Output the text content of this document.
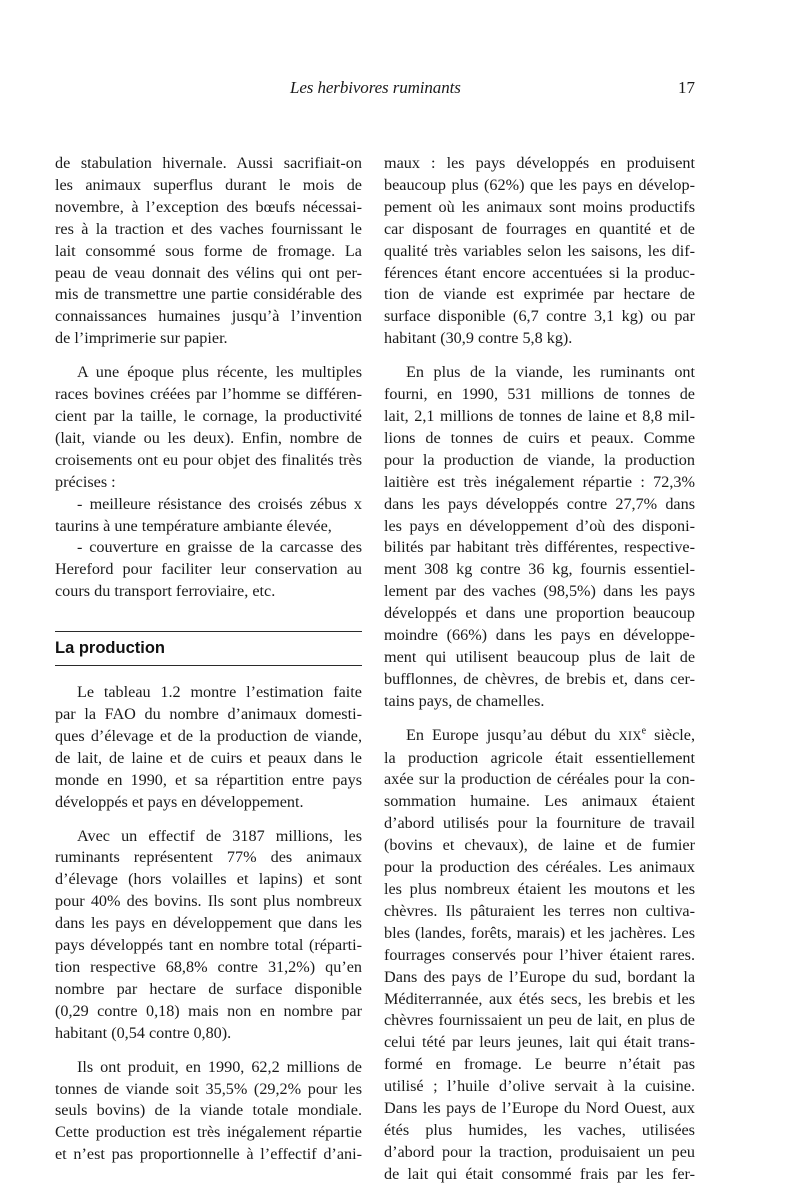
Les herbivores ruminants	17

de stabulation hivernale. Aussi sacrifiait-on
les animaux superflus durant le mois de
novembre, à l’exception des bœufs nécessai-
res à la traction et des vaches fournissant le
lait consommé sous forme de fromage. La
peau de veau donnait des vélins qui ont per-
mis de transmettre une partie considérable des
connaissances humaines jusqu’à l’invention
de l’imprimerie sur papier.

A une époque plus récente, les multiples
races bovines créées par l’homme se différen-
cient par la taille, le cornage, la productivité
(lait, viande ou les deux). Enfin, nombre de
croisements ont eu pour objet des finalités très
précises :
- meilleure résistance des croisés zébus x
taurins à une température ambiante élevée,
- couverture en graisse de la carcasse des
Hereford pour faciliter leur conservation au
cours du transport ferroviaire, etc.

La production

Le tableau 1.2 montre l’estimation faite
par la FAO du nombre d’animaux domesti-
ques d’élevage et de la production de viande,
de lait, de laine et de cuirs et peaux dans le
monde en 1990, et sa répartition entre pays
développés et pays en développement.

Avec un effectif de 3187 millions, les
ruminants représentent 77% des animaux
d’élevage (hors volailles et lapins) et sont
pour 40% des bovins. Ils sont plus nombreux
dans les pays en développement que dans les
pays développés tant en nombre total (réparti-
tion respective 68,8% contre 31,2%) qu’en
nombre par hectare de surface disponible
(0,29 contre 0,18) mais non en nombre par
habitant (0,54 contre 0,80).

Ils ont produit, en 1990, 62,2 millions de
tonnes de viande soit 35,5% (29,2% pour les
seuls bovins) de la viande totale mondiale.
Cette production est très inégalement répartie
et n’est pas proportionnelle à l’effectif d’ani-

maux : les pays développés en produisent
beaucoup plus (62%) que les pays en dévelop-
pement où les animaux sont moins productifs
car disposant de fourrages en quantité et de
qualité très variables selon les saisons, les dif-
férences étant encore accentuées si la produc-
tion de viande est exprimée par hectare de
surface disponible (6,7 contre 3,1 kg) ou par
habitant (30,9 contre 5,8 kg).

En plus de la viande, les ruminants ont
fourni, en 1990, 531 millions de tonnes de
lait, 2,1 millions de tonnes de laine et 8,8 mil-
lions de tonnes de cuirs et peaux. Comme
pour la production de viande, la production
laitière est très inégalement répartie : 72,3%
dans les pays développés contre 27,7% dans
les pays en développement d’où des disponi-
bilités par habitant très différentes, respective-
ment 308 kg contre 36 kg, fournis essentiel-
lement par des vaches (98,5%) dans les pays
développés et dans une proportion beaucoup
moindre (66%) dans les pays en développe-
ment qui utilisent beaucoup plus de lait de
bufflonnes, de chèvres, de brebis et, dans cer-
tains pays, de chamelles.

En Europe jusqu’au début du XIXe siècle,
la production agricole était essentiellement
axée sur la production de céréales pour la con-
sommation humaine. Les animaux étaient
d’abord utilisés pour la fourniture de travail
(bovins et chevaux), de laine et de fumier
pour la production des céréales. Les animaux
les plus nombreux étaient les moutons et les
chèvres. Ils pâturaient les terres non cultiva-
bles (landes, forêts, marais) et les jachères. Les
fourrages conservés pour l’hiver étaient rares.
Dans des pays de l’Europe du sud, bordant la
Méditerrannée, aux étés secs, les brebis et les
chèvres fournissaient un peu de lait, en plus de
celui tété par leurs jeunes, lait qui était trans-
formé en fromage. Le beurre n’était pas
utilisé ; l’huile d’olive servait à la cuisine.
Dans les pays de l’Europe du Nord Ouest, aux
étés plus humides, les vaches, utilisées
d’abord pour la traction, produisaient un peu
de lait qui était consommé frais par les fer-
